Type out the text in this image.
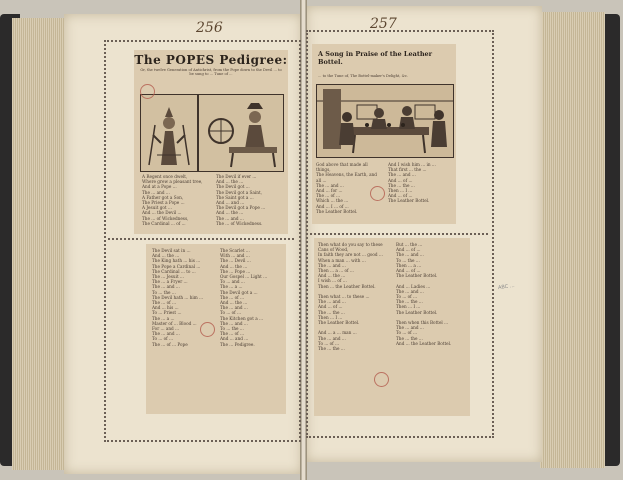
256	257
The POPES Pedigree:
Or, the twelve Generation of Antichrist, from the Pope down to the Devil ... to be sung to ... Tune of ...
A Regent once dwelt,
Where grew a pleasant tree,
And at a Pope ...
The ... and ...
A Father got a Son,
The Priest a Pope ...
A Jesuit got ...
And ... the Devil ...
The ... of Wickedness,
The Cardinal ... of ...
The Devil if ever ...
And ... the ...
The Devil got ...
The Devil got a Saint,
The Saint got a ...
And ... and ...
The Devil got a Pope ...
And ... the ...
The ... and ...
The ... of Wickedness.
The Devil sat in ...
And ... the ...
The King hath ... his ...
The Pope a Cardinal ...
The Cardinal ... to ...
The ... Jesuit ...
The ... a Fryer ...
The ... and ...
To ... the ...
The Devil hath ... him ...
The ... of ...
And ... his ...
To ... Priest ...
The ... a ...
Master of ... Blood ...
For ... and ...
The ... and ...
To ... of ...
The ... of ... Pope
The Scarlet ...
With ... and ...
The ... Devil ...
And ... the ...
The ... Pope ...
Our Gospel ... Light ...
To ... and ...
The ... a ...
The Devil got a ...
The ... of ...
And ... the ...
The ... and ...
To ... of ...
The Kitchen got a ...
The ... and ...
To ... the ...
The ... of ...
And ... and ...
The ... Pedigree.
A Song in Praise of the Leather Bottel.
... to the Tune of, The Bottel-maker's Delight, &c.
God above that made all things,
The Heavens, the Earth, and all ...
The ... and ...
And ... for ...
The ... of ...
Which ... the ...
And ... I ... of ...
The Leather Bottel.
And I wish him ... in ...
That first ... the ...
The ... and ...
And ... of ...
The ... the ...
Then ... I ...
And ... of ...
The Leather Bottel.
Then what do you say to these Cans of Wood,
In faith they are not ... good ...
When a man ... with ...
The ... and ...
Then ... a ... of ...
And ... the ...
I wish ... of ...
Then ... the Leather Bottel.

Then what ... to these ...
The ... and ...
And ... of ...
The ... the ...
Then ... I ...
The Leather Bottel.

And ... a ... man ...
The ... and ...
To ... of ...
The ... the ...
But ... the ...
And ... of ...
The ... and ...
To ... the ...
Then ... a ...
And ... of ...
The Leather Bottel.

And ... Ladies ...
The ... and ...
To ... of ...
The ... the ...
Then ... I ...
The Leather Bottel.

Then when this Bottel ...
The ... and ...
To ... of ...
The ... the ...
And ... the Leather Bottel.
ABC ...
